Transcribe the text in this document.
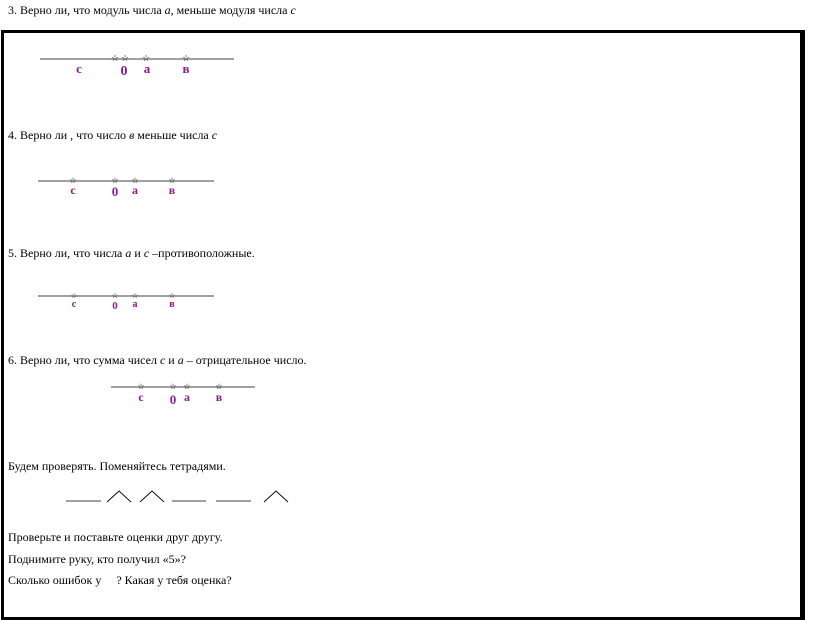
3. Верно ли, что модуль числа а, меньше модуля числа с
☆ ☆ ☆	☆
с	0 а в
4. Верно ли , что число в меньше числа с
☆	☆ ☆	☆
с	0 а	в
5. Верно ли, что числа а и с –противоположные.
☆	☆ ☆	☆
с	0 а	в
6. Верно ли, что сумма чисел с и а – отрицательное число.
☆	☆ ☆	☆
с 0 а в
Будем проверять. Поменяйтесь тетрадями.
Проверьте и поставьте оценки друг другу.
Поднимите руку, кто получил «5»?
Сколько ошибок у     ? Какая у тебя оценка?
